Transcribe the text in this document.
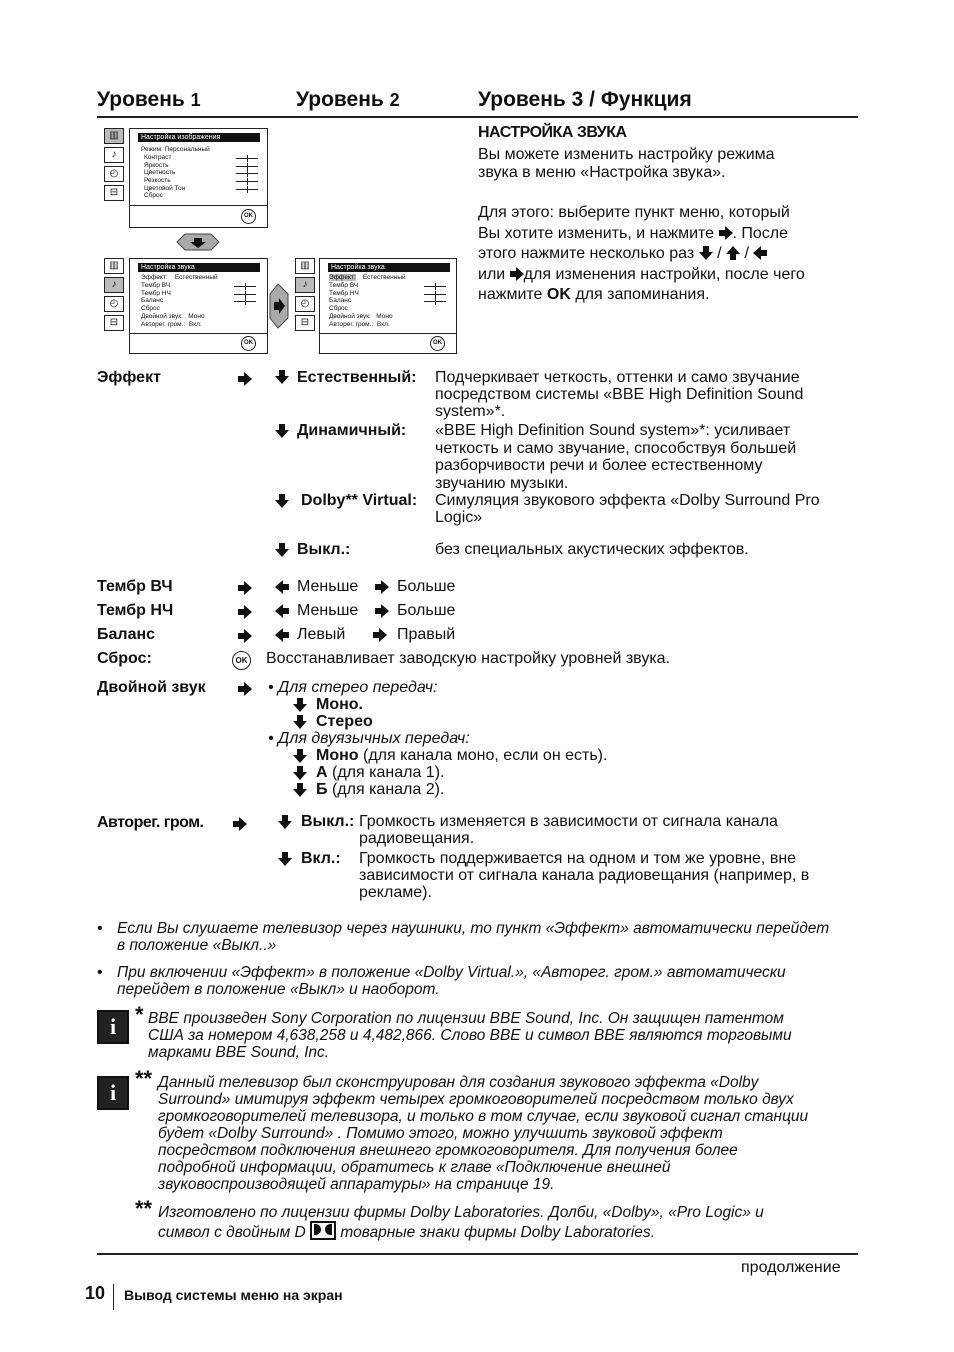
Уровень 1	Уровень 2	Уровень 3 / Функция
▥
♪
◴
⊟
Настройка изображения
Режим: Персональный
Контраст
Яркость
Цветность
Резкость
Цветовой Тон
Сброс
OK
▥
♪
◴
⊟
Настройка звука
Эффект: Естественный
Тембр ВЧ
Тембр НЧ
Баланс
Сброс
Двойной звук: Моно
Авторег. гром.: Вкл.
OK
▥
♪
◴
⊟
Настройка звука
Эффект: Естественный
Тембр ВЧ
Тембр НЧ
Баланс
Сброс
Двойной звук: Моно
Авторег. гром.: Вкл.
OK
НАСТРОЙКА ЗВУКА
Вы можете изменить настройку режима
звука в меню «Настройка звука».
Для этого: выберите пункт меню, который
Вы хотите изменить, и нажмите . После
этого нажмите несколько раз / /
или для изменения настройки, после чего
нажмите OK для запоминания.
Эффект	Естественный: Подчеркивает четкость, оттенки и само звучание
посредством системы «BBE High Definition Sound
system»*.
Динамичный: «BBE High Definition Sound system»*: усиливает
четкость и само звучание, способствуя большей
разборчивости речи и более естественному
звучанию музыки.
Dolby** Virtual: Симуляция звукового эффекта «Dolby Surround Pro
Logic»
Выкл.:	без специальных акустических эффектов.
Тембр ВЧ	Меньше Больше
Тембр НЧ	Меньше Больше
Баланс	Левый	Правый
Сброс:	OK Восстанавливает заводскую настройку уровней звука.
Двойной звук	• Для стерео передач:
Моно.
Стерео
• Для двуязычных передач:
Моно (для канала моно, если он есть).
А (для канала 1).
Б (для канала 2).
Авторег. гром.	Выкл.: Громкость изменяется в зависимости от сигнала канала
радиовещания.
Вкл.: Громкость поддерживается на одном и том же уровне, вне
зависимости от сигнала канала радиовещания (например, в
рекламе).
• Если Вы слушаете телевизор через наушники, то пункт «Эффект» автоматически перейдет
в положение «Выкл..»
• При включении «Эффект» в положение «Dolby Virtual.», «Авторег. гром.» автоматически
перейдет в положение «Выкл» и наоборот.
i * BBE произведен Sony Corporation по лицензии BBE Sound, Inc. Он защищен патентом
США за номером 4,638,258 и 4,482,866. Слово BBE и символ BBE являются торговыми
марками BBE Sound, Inc.
i
** Данный телевизор был сконструирован для создания звукового эффекта «Dolby
Surround» имитируя эффект четырех громкоговорителей посредством только двух
громкоговорителей телевизора, и только в том случае, если звуковой сигнал станции
будет «Dolby Surround» . Помимо этого, можно улучшить звуковой эффект
посредством подключения внешнего громкоговорителя. Для получения более
подробной информации, обратитесь к главе «Подключение внешней
звуковоспроизводящей аппаратуры» на странице 19.
** Изготовлено по лицензии фирмы Dolby Laboratories. Долби, «Dolby», «Pro Logic» и
символ с двойным D товарные знаки фирмы Dolby Laboratories.
продолжение
10 Вывод системы меню на экран
